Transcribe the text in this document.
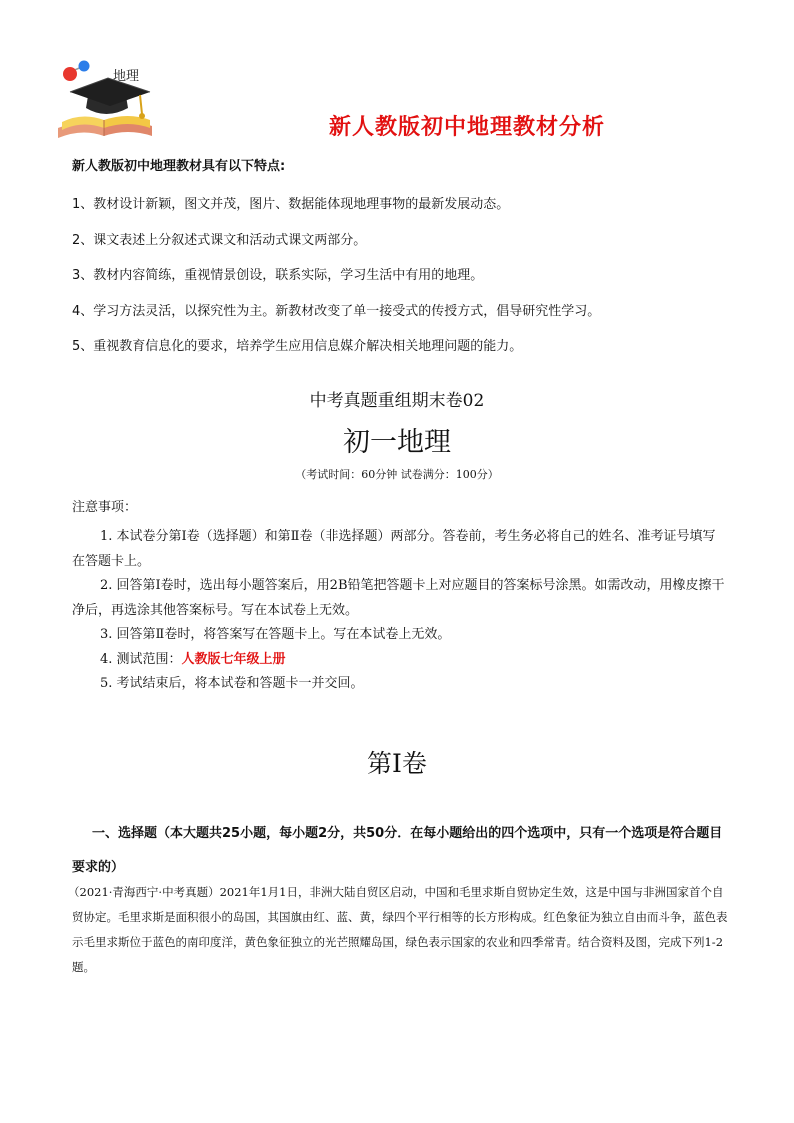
地理
新人教版初中地理教材分析

新人教版初中地理教材具有以下特点:

1、教材设计新颖，图文并茂，图片、数据能体现地理事物的最新发展动态。

2、课文表述上分叙述式课文和活动式课文两部分。

3、教材内容简练，重视情景创设，联系实际，学习生活中有用的地理。

4、学习方法灵活，以探究性为主。新教材改变了单一接受式的传授方式，倡导研究性学习。

5、重视教育信息化的要求，培养学生应用信息媒介解决相关地理问题的能力。

中考真题重组期末卷02
初一地理
（考试时间：60分钟 试卷满分：100分）
注意事项：

1. 本试卷分第Ⅰ卷（选择题）和第Ⅱ卷（非选择题）两部分。答卷前，考生务必将自己的姓名、准考证号填写在答题卡上。

2. 回答第Ⅰ卷时，选出每小题答案后，用2B铅笔把答题卡上对应题目的答案标号涂黑。如需改动，用橡皮擦干净后，再选涂其他答案标号。写在本试卷上无效。

3. 回答第Ⅱ卷时，将答案写在答题卡上。写在本试卷上无效。

4. 测试范围：人教版七年级上册

5. 考试结束后，将本试卷和答题卡一并交回。

第Ⅰ卷
一、选择题（本大题共25小题，每小题2分，共50分．在每小题给出的四个选项中，只有一个选项是符合题目要求的）
（2021·青海西宁·中考真题）2021年1月1日，非洲大陆自贸区启动，中国和毛里求斯自贸协定生效，这是中国与非洲国家首个自贸协定。毛里求斯是面积很小的岛国，其国旗由红、蓝、黄，绿四个平行相等的长方形构成。红色象征为独立自由而斗争，蓝色表示毛里求斯位于蓝色的南印度洋，黄色象征独立的光芒照耀岛国，绿色表示国家的农业和四季常青。结合资料及图，完成下列1-2题。
